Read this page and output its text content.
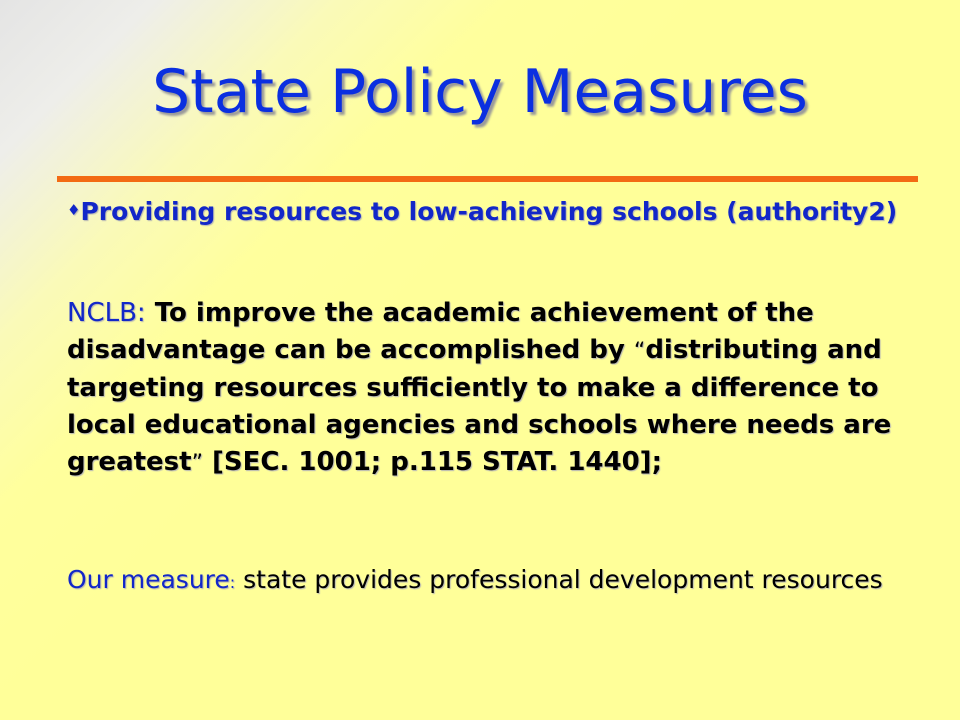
State Policy Measures
♦Providing resources to low-achieving schools (authority2)
NCLB: To improve the academic achievement of the disadvantage can be accomplished by “distributing and targeting resources sufficiently to make a difference to local educational agencies and schools where needs are greatest” [SEC. 1001; p.115 STAT. 1440];
Our measure: state provides professional development resources
